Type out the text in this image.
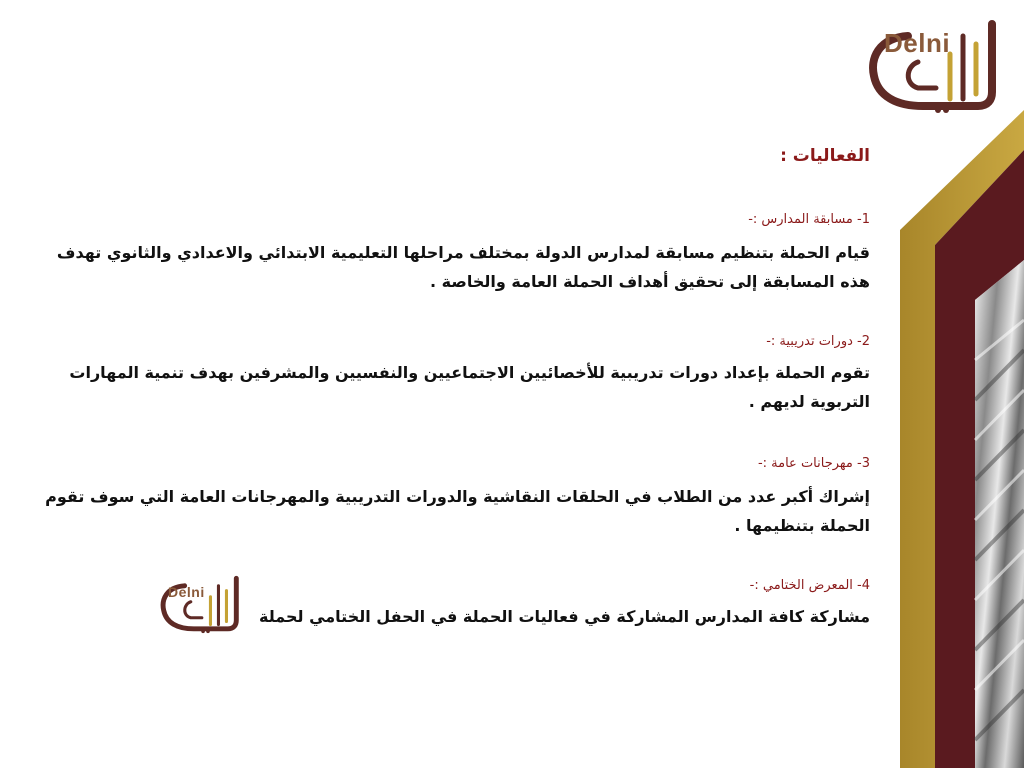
Delni
الفعاليات :
1- مسابقة المدارس :-
قيام الحملة بتنظيم مسابقة لمدارس الدولة بمختلف مراحلها التعليمية الابتدائي والاعدادي والثانوي تهدف هذه المسابقة إلى تحقيق أهداف الحملة العامة والخاصة .
2- دورات تدريبية :-
تقوم الحملة بإعداد دورات تدريبية للأخصائيين الاجتماعيين والنفسيين والمشرفين بهدف تنمية المهارات التربوية لديهم .
3- مهرجانات عامة :-
إشراك أكبر عدد من الطلاب في الحلقات النقاشية والدورات التدريبية والمهرجانات العامة التي سوف تقوم الحملة بتنظيمها .
4- المعرض الختامي :-
مشاركة كافة المدارس المشاركة في فعاليات الحملة في الحفل الختامي لحملة
Delni
